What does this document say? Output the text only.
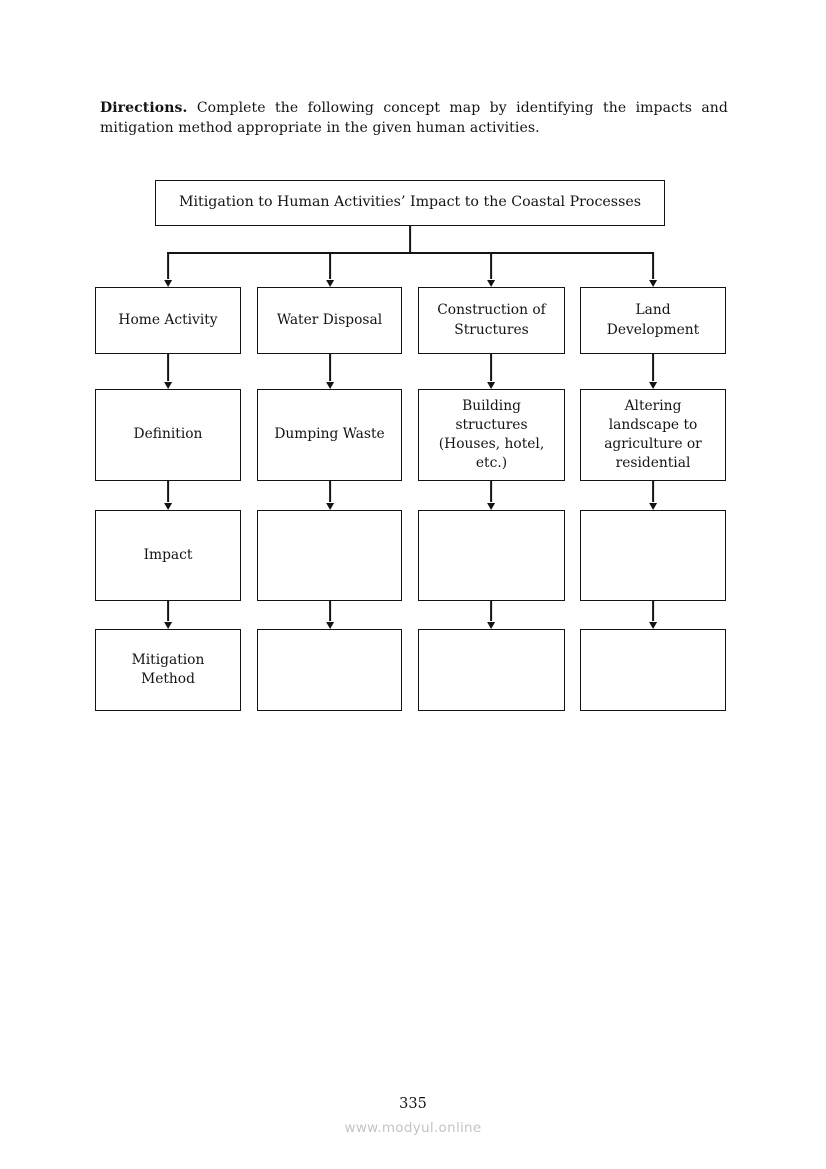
Directions. Complete the following concept map by identifying the impacts and mitigation method appropriate in the given human activities.

Mitigation to Human Activities’ Impact to the Coastal Processes
Home Activity	Water Disposal
Construction of Structures
Land Development
Definition	Dumping Waste
Building structures (Houses, hotel, etc.)
Altering landscape to agriculture or residential
Impact
Mitigation Method
335
www.modyul.online
